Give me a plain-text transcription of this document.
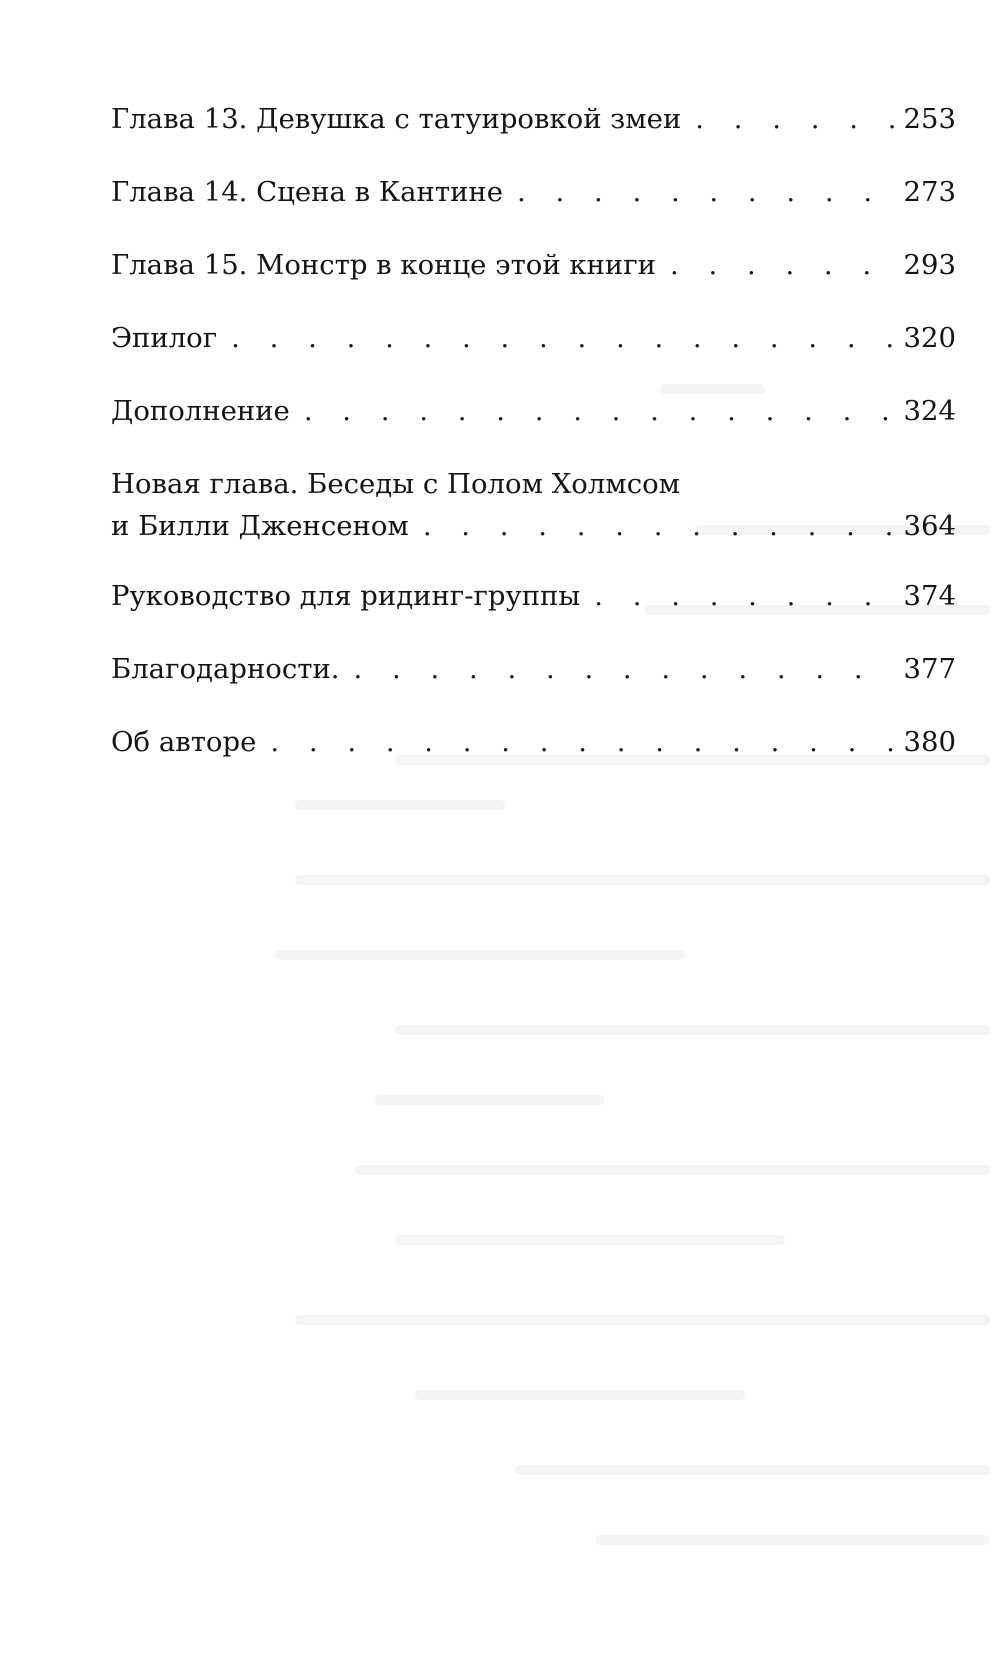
Глава 13. Девушка с татуировкой змеи . . .	253
Глава 14. Сцена в Кантине . . .	273
Глава 15. Монстр в конце этой книги . . .	293
Эпилог . . .	320
Дополнение . . .	324
Новая глава. Беседы с Полом Холмсом
и Билли Дженсеном . . .	364
Руководство для ридинг-группы . . .	374
Благодарности. . . .	377
Об авторе . . .	380
